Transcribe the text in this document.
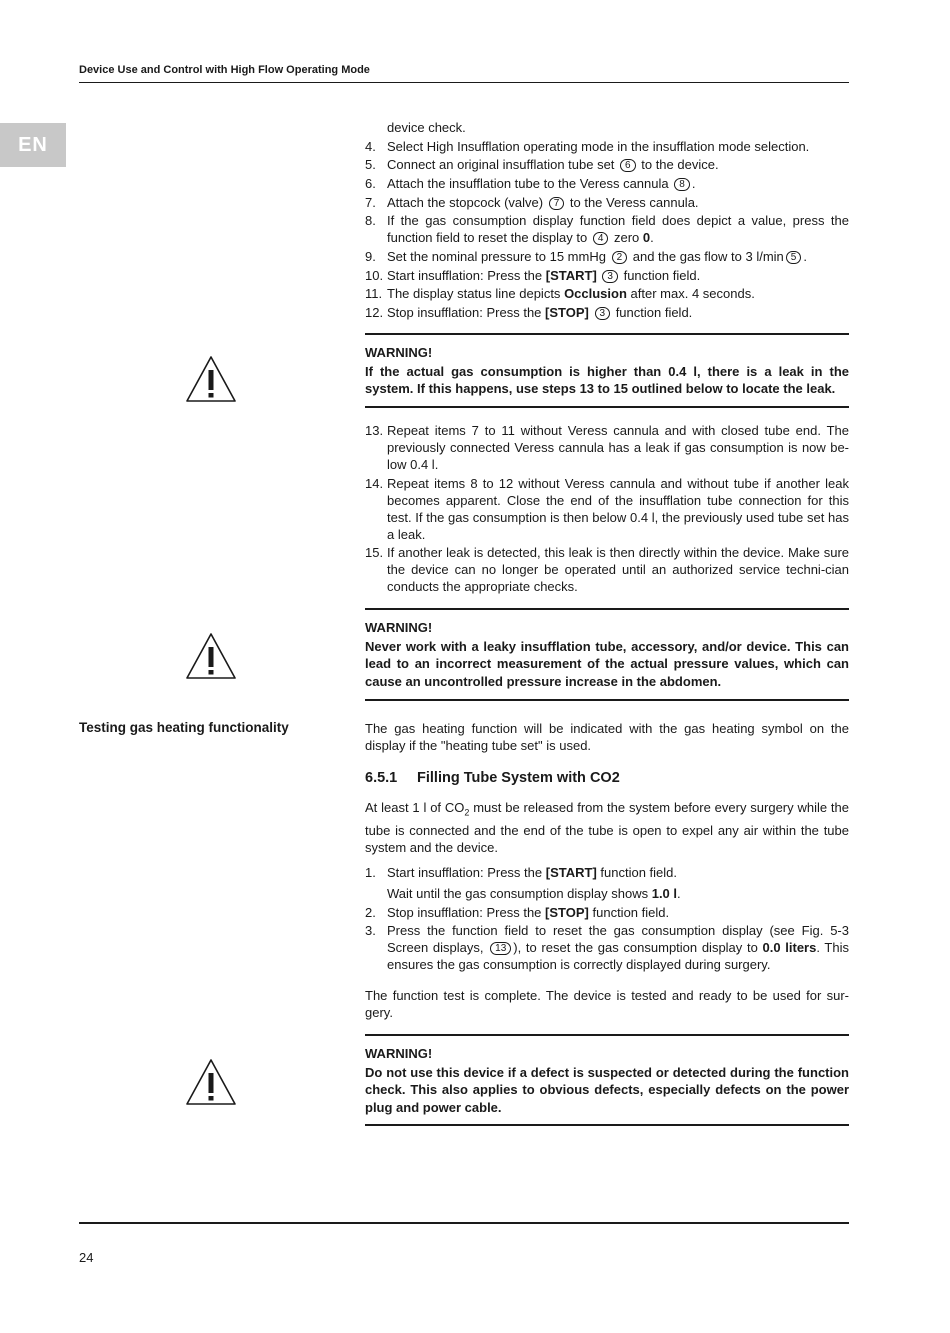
Device Use and Control with High Flow Operating Mode
EN
device check.
4. Select High Insufflation operating mode in the insufflation mode selection.
5. Connect an original insufflation tube set 6 to the device.
6. Attach the insufflation tube to the Veress cannula 8 .
7. Attach the stopcock (valve) 7 to the Veress cannula.
8. If the gas consumption display function field does depict a value, press the function field to reset the display to 4 zero 0.
9. Set the nominal pressure to 15 mmHg 2 and the gas flow to 3 l/min 5 .
10. Start insufflation: Press the [START] 3 function field.
11. The display status line depicts Occlusion after max. 4 seconds.
12. Stop insufflation: Press the [STOP] 3 function field.
WARNING!
If the actual gas consumption is higher than 0.4 l, there is a leak in the system. If this happens, use steps 13 to 15 outlined below to locate the leak.
13. Repeat items 7 to 11 without Veress cannula and with closed tube end. The previously connected Veress cannula has a leak if gas consumption is now be-low 0.4 l.
14. Repeat items 8 to 12 without Veress cannula and without tube if another leak becomes apparent. Close the end of the insufflation tube connection for this test. If the gas consumption is then below 0.4 l, the previously used tube set has a leak.
15. If another leak is detected, this leak is then directly within the device. Make sure the device can no longer be operated until an authorized service techni-cian conducts the appropriate checks.
WARNING!
Never work with a leaky insufflation tube, accessory, and/or device. This can lead to an incorrect measurement of the actual pressure values, which can cause an uncontrolled pressure increase in the abdomen.
Testing gas heating functionality	The gas heating function will be indicated with the gas heating symbol on the display if the "heating tube set" is used.
6.5.1 Filling Tube System with CO2
At least 1 l of $CO_2$ must be released from the system before every surgery while the tube is connected and the end of the tube is open to expel any air within the tube system and the device.
1. Start insufflation: Press the [START] function field.
Wait until the gas consumption display shows 1.0 l.
2. Stop insufflation: Press the [STOP] function field.
3. Press the function field to reset the gas consumption display (see Fig. 5-3 Screen displays, 13 ), to reset the gas consumption display to 0.0 liters. This ensures the gas consumption is correctly displayed during surgery.
The function test is complete. The device is tested and ready to be used for sur-gery.
WARNING!
Do not use this device if a defect is suspected or detected during the function check. This also applies to obvious defects, especially defects on the power plug and power cable.
24
